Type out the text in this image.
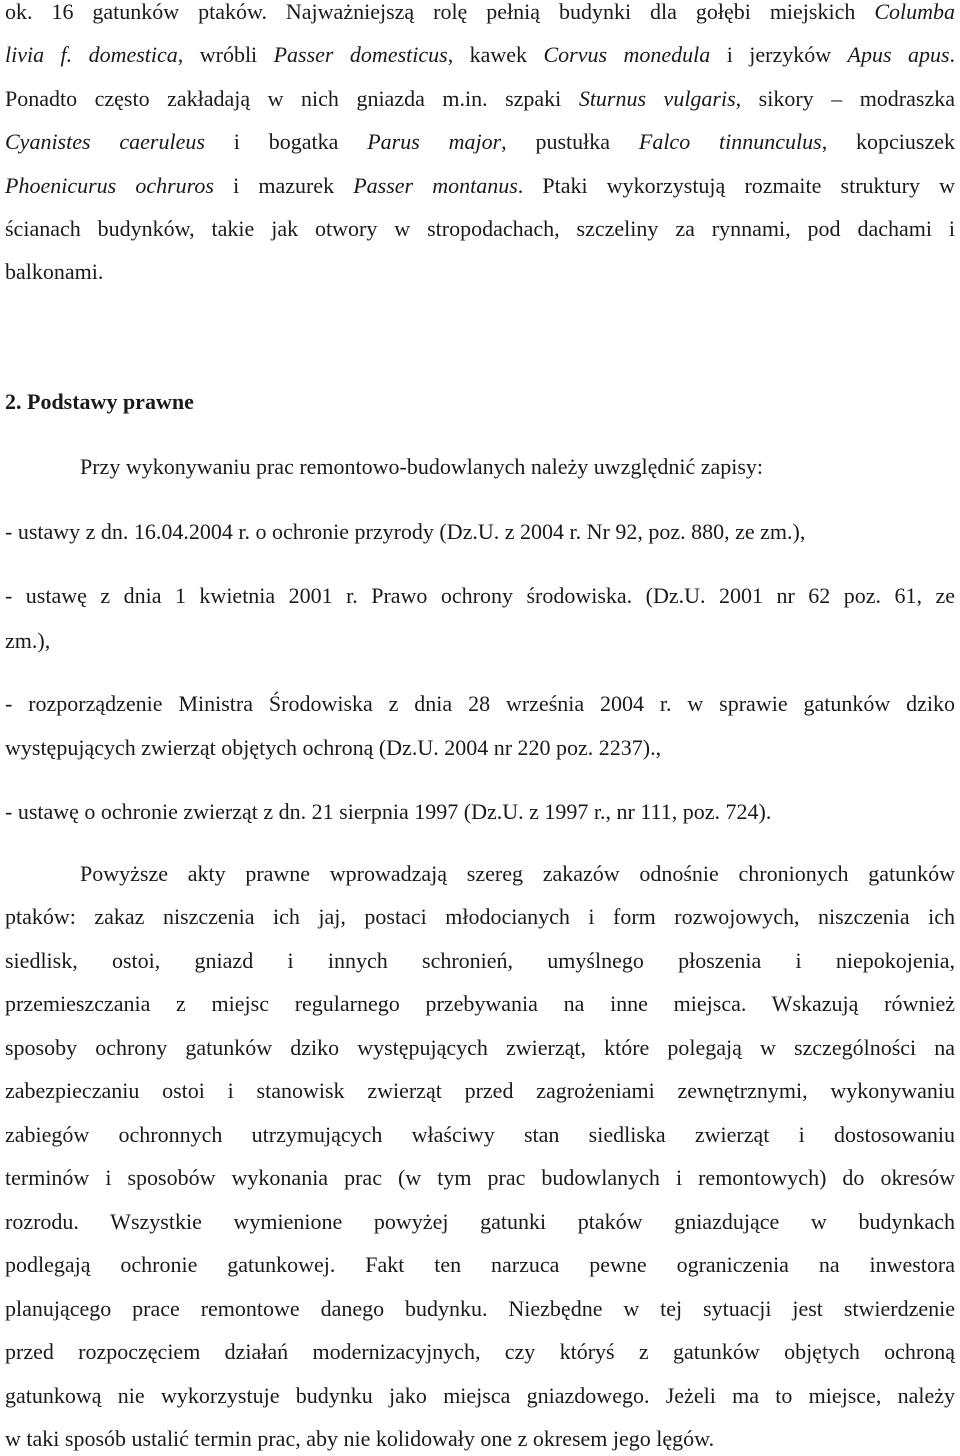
ok. 16 gatunków ptaków. Najważniejszą rolę pełnią budynki dla gołębi miejskich Columba
livia f. domestica, wróbli Passer domesticus, kawek Corvus monedula i jerzyków Apus apus.
Ponadto często zakładają w nich gniazda m.in. szpaki Sturnus vulgaris, sikory – modraszka
Cyanistes caeruleus i bogatka Parus major, pustułka Falco tinnunculus, kopciuszek
Phoenicurus ochruros i mazurek Passer montanus. Ptaki wykorzystują rozmaite struktury w
ścianach budynków, takie jak otwory w stropodachach, szczeliny za rynnami, pod dachami i
balkonami.
2. Podstawy prawne
Przy wykonywaniu prac remontowo-budowlanych należy uwzględnić zapisy:
- ustawy z dn. 16.04.2004 r. o ochronie przyrody (Dz.U. z 2004 r. Nr 92, poz. 880, ze zm.),
- ustawę z dnia 1 kwietnia 2001 r. Prawo ochrony środowiska. (Dz.U. 2001 nr 62 poz. 61, ze
zm.),
- rozporządzenie Ministra Środowiska z dnia 28 września 2004 r. w sprawie gatunków dziko
występujących zwierząt objętych ochroną (Dz.U. 2004 nr 220 poz. 2237).,
- ustawę o ochronie zwierząt z dn. 21 sierpnia 1997 (Dz.U. z 1997 r., nr 111, poz. 724).
Powyższe akty prawne wprowadzają szereg zakazów odnośnie chronionych gatunków
ptaków: zakaz niszczenia ich jaj, postaci młodocianych i form rozwojowych, niszczenia ich
siedlisk, ostoi, gniazd i innych schronień, umyślnego płoszenia i niepokojenia,
przemieszczania z miejsc regularnego przebywania na inne miejsca. Wskazują również
sposoby ochrony gatunków dziko występujących zwierząt, które polegają w szczególności na
zabezpieczaniu ostoi i stanowisk zwierząt przed zagrożeniami zewnętrznymi, wykonywaniu
zabiegów ochronnych utrzymujących właściwy stan siedliska zwierząt i dostosowaniu
terminów i sposobów wykonania prac (w tym prac budowlanych i remontowych) do okresów
rozrodu. Wszystkie wymienione powyżej gatunki ptaków gniazdujące w budynkach
podlegają ochronie gatunkowej. Fakt ten narzuca pewne ograniczenia na inwestora
planującego prace remontowe danego budynku. Niezbędne w tej sytuacji jest stwierdzenie
przed rozpoczęciem działań modernizacyjnych, czy któryś z gatunków objętych ochroną
gatunkową nie wykorzystuje budynku jako miejsca gniazdowego. Jeżeli ma to miejsce, należy
w taki sposób ustalić termin prac, aby nie kolidowały one z okresem jego lęgów.
